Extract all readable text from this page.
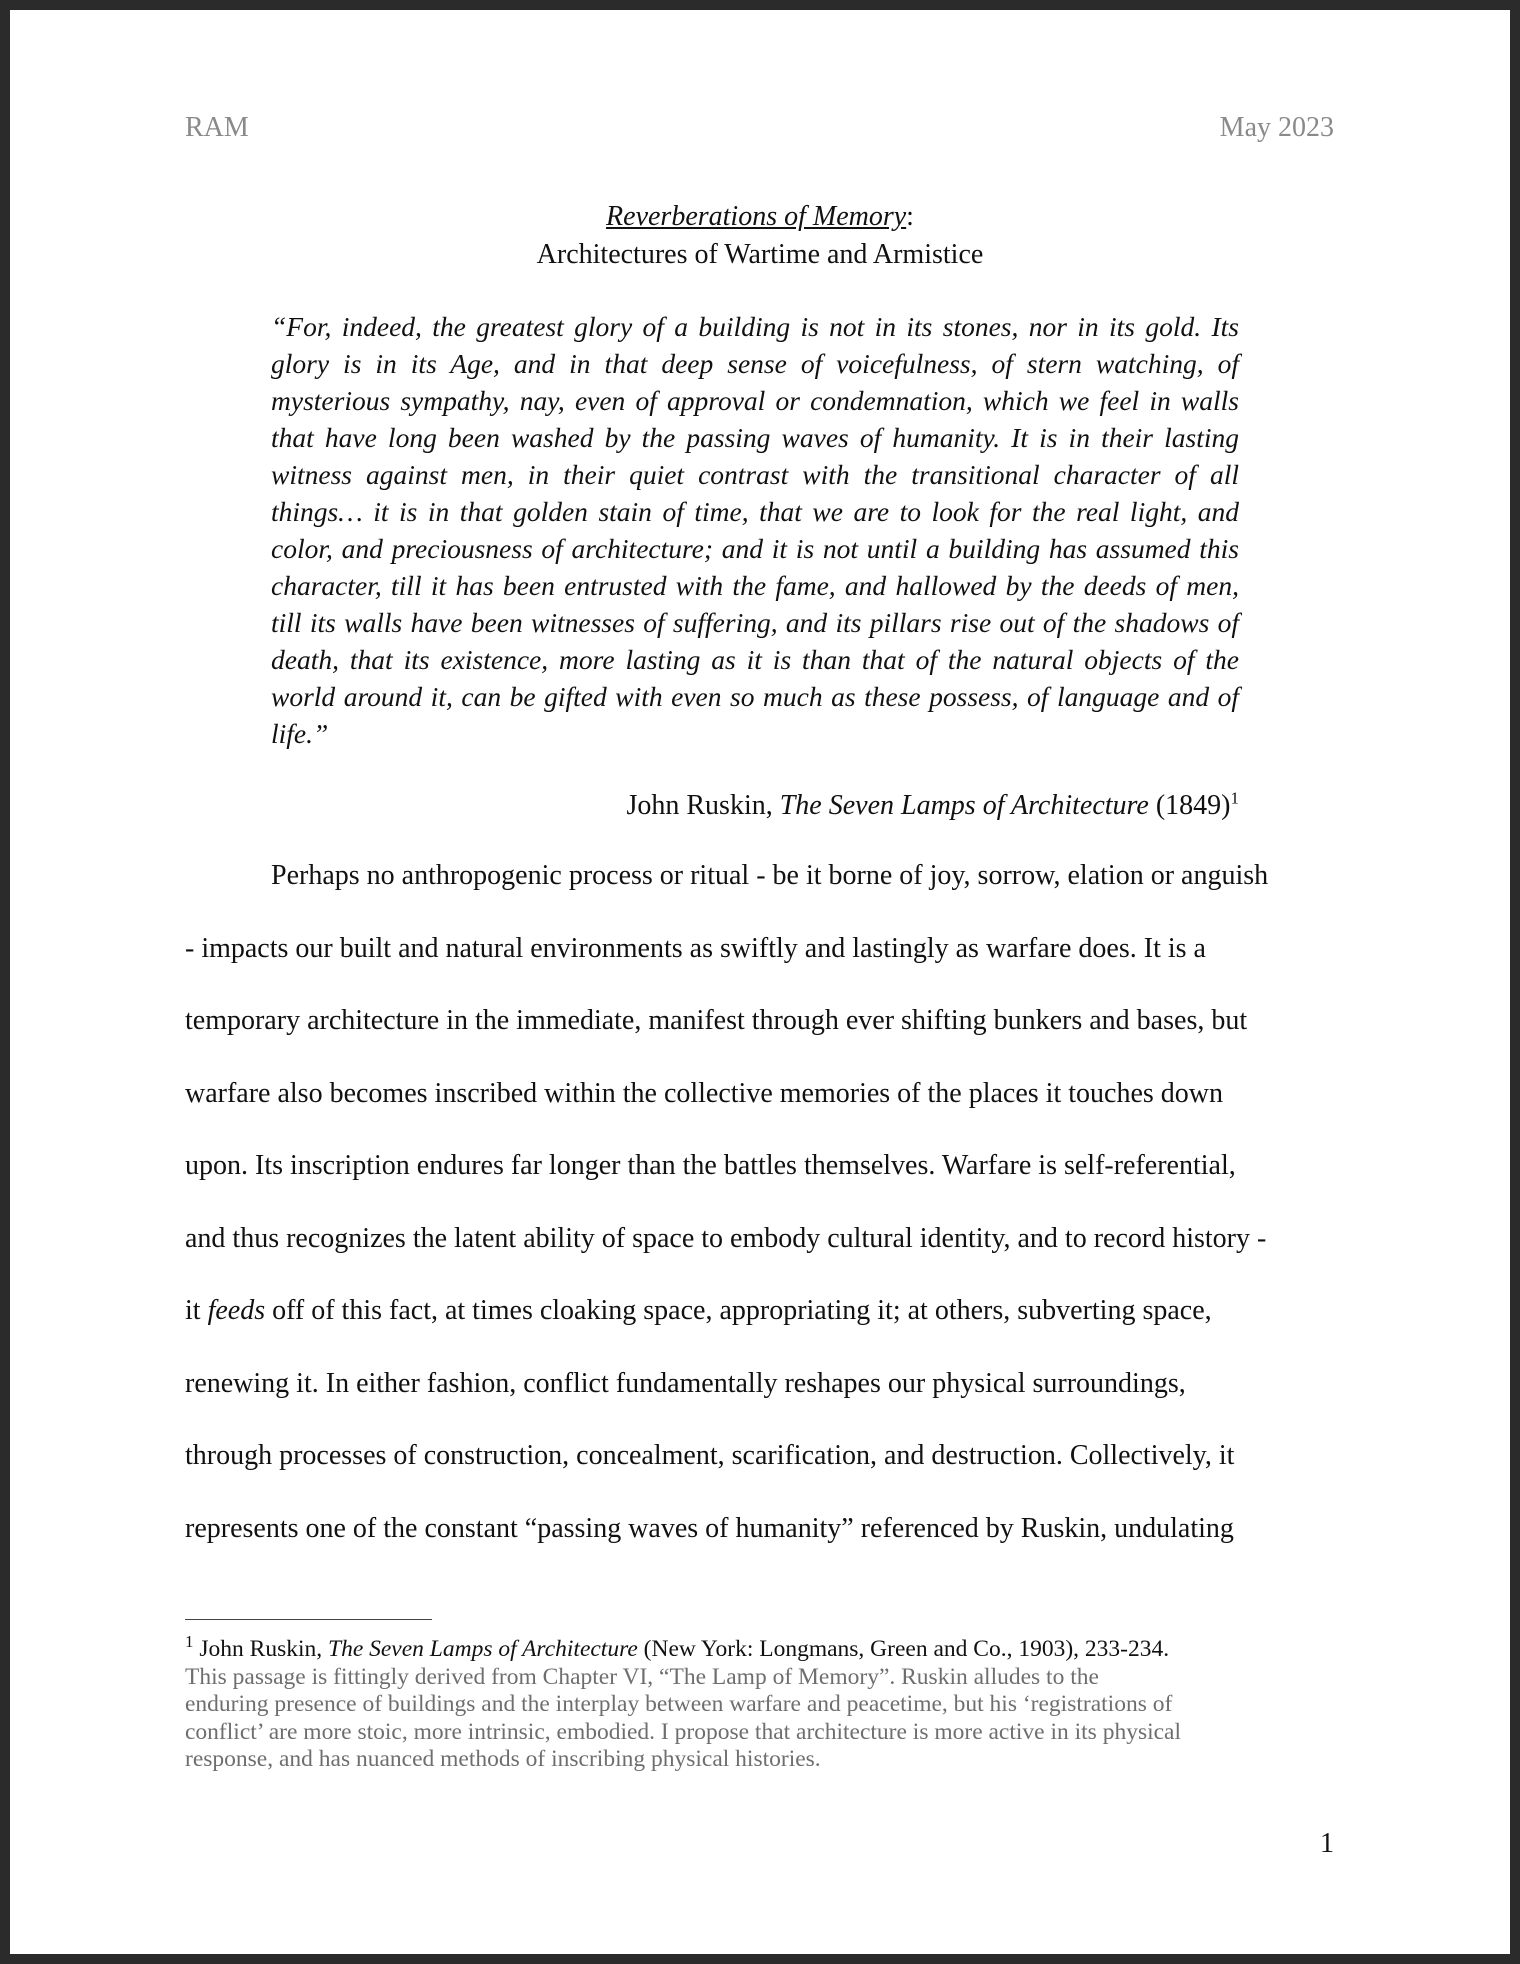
RAM	May 2023
Reverberations of Memory:
Architectures of Wartime and Armistice

“For, indeed, the greatest glory of a building is not in its stones, nor in its gold. Its glory is in its Age, and in that deep sense of voicefulness, of stern watching, of mysterious sympathy, nay, even of approval or condemnation, which we feel in walls that have long been washed by the passing waves of humanity. It is in their lasting witness against men, in their quiet contrast with the transitional character of all things… it is in that golden stain of time, that we are to look for the real light, and color, and preciousness of architecture; and it is not until a building has assumed this character, till it has been entrusted with the fame, and hallowed by the deeds of men, till its walls have been witnesses of suffering, and its pillars rise out of the shadows of death, that its existence, more lasting as it is than that of the natural objects of the world around it, can be gifted with even so much as these possess, of language and of life.”

John Ruskin, The Seven Lamps of Architecture $(1849)^1$
Perhaps no anthropogenic process or ritual - be it borne of joy, sorrow, elation or anguish
- impacts our built and natural environments as swiftly and lastingly as warfare does. It is a
temporary architecture in the immediate, manifest through ever shifting bunkers and bases, but
warfare also becomes inscribed within the collective memories of the places it touches down
upon. Its inscription endures far longer than the battles themselves. Warfare is self-referential,
and thus recognizes the latent ability of space to embody cultural identity, and to record history -
it feeds off of this fact, at times cloaking space, appropriating it; at others, subverting space,
renewing it. In either fashion, conflict fundamentally reshapes our physical surroundings,
through processes of construction, concealment, scarification, and destruction. Collectively, it
represents one of the constant “passing waves of humanity” referenced by Ruskin, undulating
$^1$ John Ruskin, The Seven Lamps of Architecture (New York: Longmans, Green and Co., 1903), 233-234.
This passage is fittingly derived from Chapter VI, “The Lamp of Memory”. Ruskin alludes to the
enduring presence of buildings and the interplay between warfare and peacetime, but his ‘registrations of
conflict’ are more stoic, more intrinsic, embodied. I propose that architecture is more active in its physical
response, and has nuanced methods of inscribing physical histories.
1
